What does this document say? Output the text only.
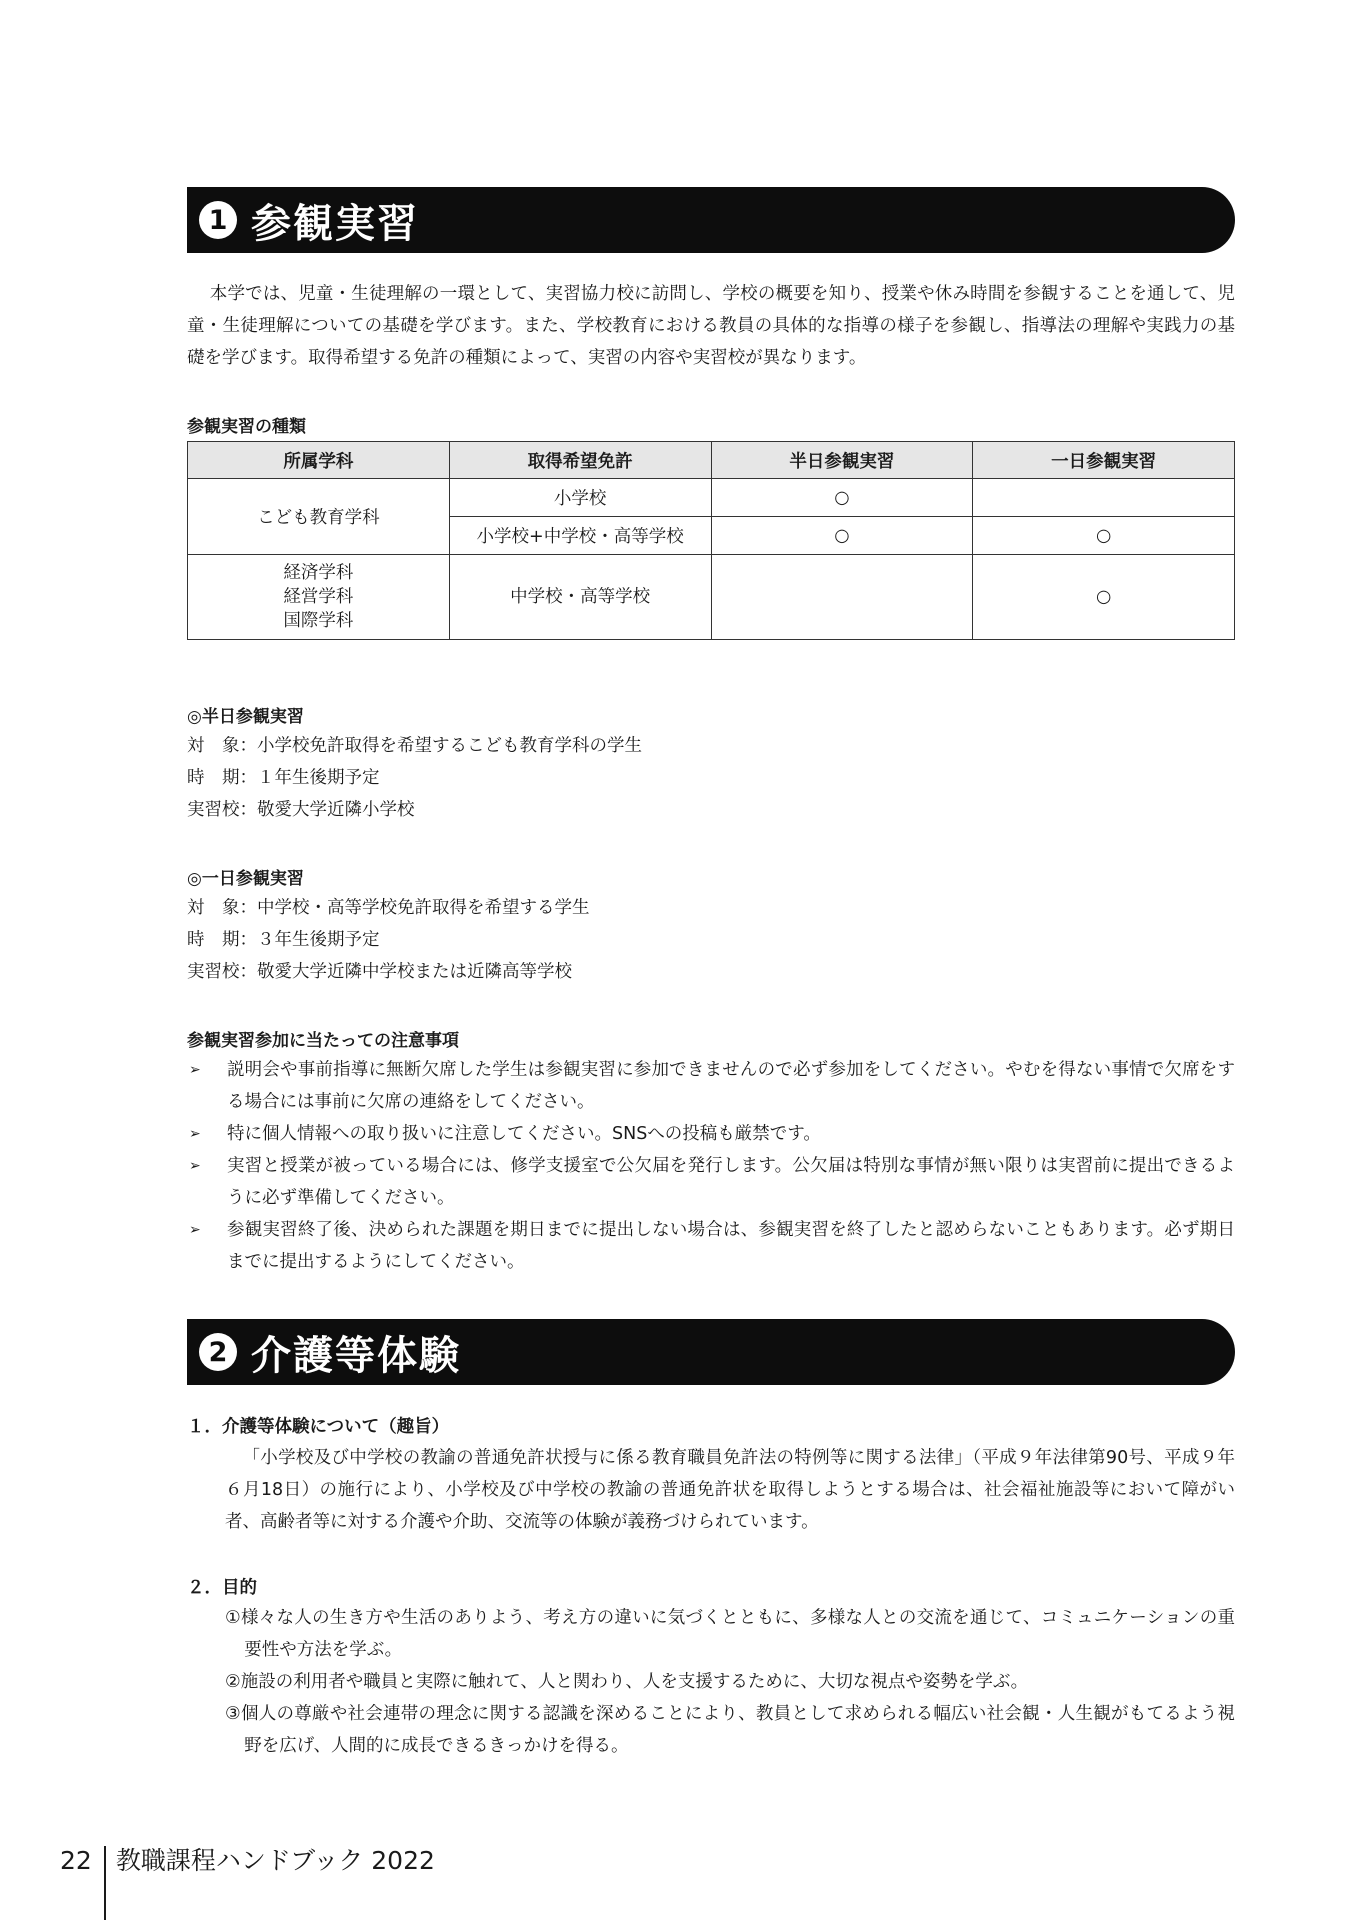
1 参観実習

本学では、児童・生徒理解の一環として、実習協力校に訪問し、学校の概要を知り、授業や休み時間を参観することを通して、児童・生徒理解についての基礎を学びます。また、学校教育における教員の具体的な指導の様子を参観し、指導法の理解や実践力の基礎を学びます。取得希望する免許の種類によって、実習の内容や実習校が異なります。

参観実習の種類
所属学科	取得希望免許	半日参観実習	一日参観実習
こども教育学科	小学校	○	
	小学校+中学校・高等学校	○	○

経済学科
経営学科
国際学科	中学校・高等学校		○
◎半日参観実習
対　象：小学校免許取得を希望するこども教育学科の学生
時　期：１年生後期予定
実習校：敬愛大学近隣小学校
◎一日参観実習
対　象：中学校・高等学校免許取得を希望する学生
時　期：３年生後期予定
実習校：敬愛大学近隣中学校または近隣高等学校
参観実習参加に当たっての注意事項
➢	説明会や事前指導に無断欠席した学生は参観実習に参加できませんので必ず参加をしてください。やむを得ない事情で欠席をする場合には事前に欠席の連絡をしてください。
➢	特に個人情報への取り扱いに注意してください。SNSへの投稿も厳禁です。
➢	実習と授業が被っている場合には、修学支援室で公欠届を発行します。公欠届は特別な事情が無い限りは実習前に提出できるように必ず準備してください。
➢	参観実習終了後、決められた課題を期日までに提出しない場合は、参観実習を終了したと認めらないこともあります。必ず期日までに提出するようにしてください。
2 介護等体験
１．介護等体験について（趣旨）

「小学校及び中学校の教諭の普通免許状授与に係る教育職員免許法の特例等に関する法律」（平成９年法律第90号、平成９年６月18日）の施行により、小学校及び中学校の教諭の普通免許状を取得しようとする場合は、社会福祉施設等において障がい者、高齢者等に対する介護や介助、交流等の体験が義務づけられています。

２．目的
①様々な人の生き方や生活のありよう、考え方の違いに気づくとともに、多様な人との交流を通じて、コミュニケーションの重要性や方法を学ぶ。
②施設の利用者や職員と実際に触れて、人と関わり、人を支援するために、大切な視点や姿勢を学ぶ。
③個人の尊厳や社会連帯の理念に関する認識を深めることにより、教員として求められる幅広い社会観・人生観がもてるよう視野を広げ、人間的に成長できるきっかけを得る。
22 教職課程ハンドブック 2022
